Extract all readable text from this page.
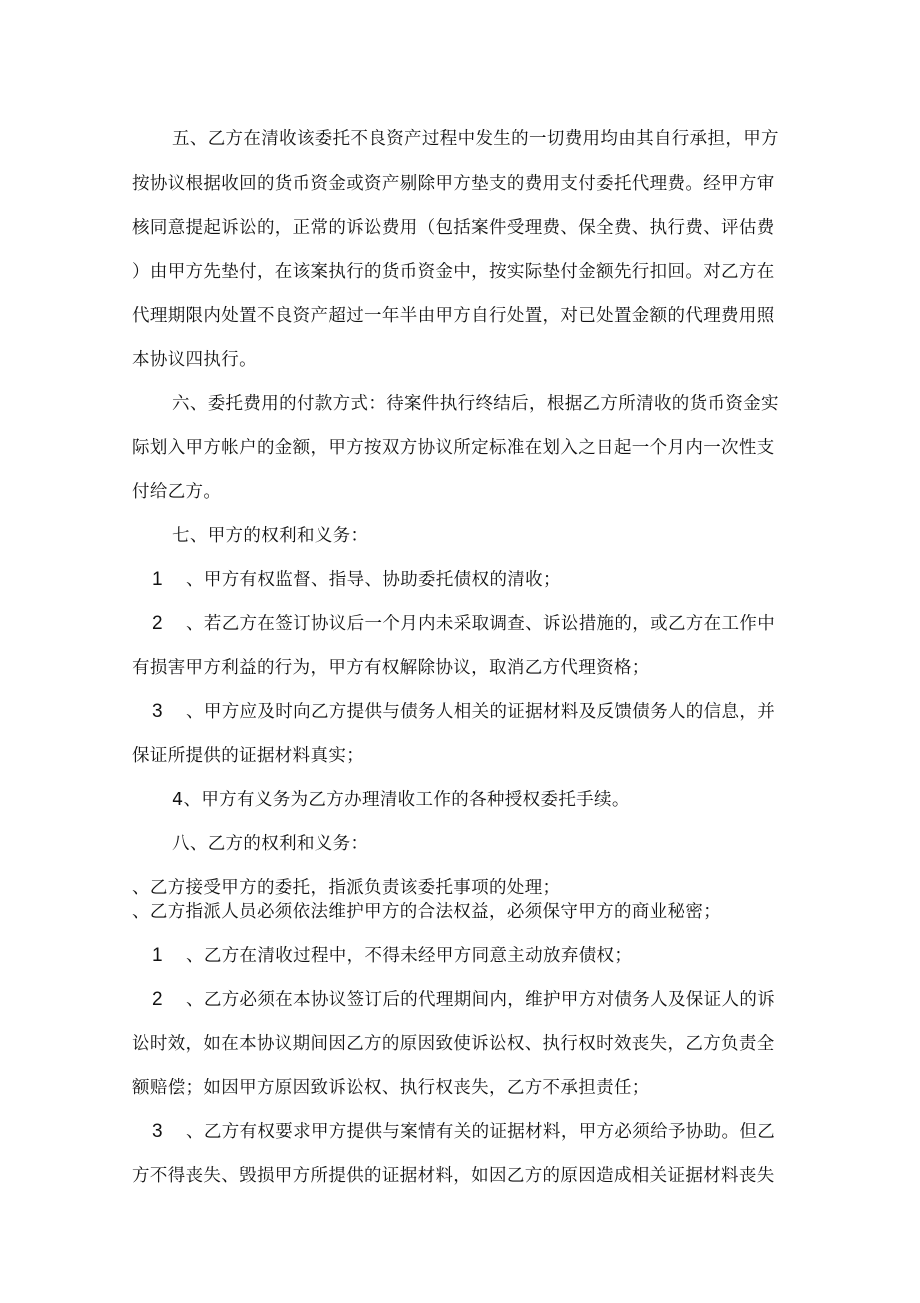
五、乙方在清收该委托不良资产过程中发生的一切费用均由其自行承担，甲方
按协议根据收回的货币资金或资产剔除甲方垫支的费用支付委托代理费。经甲方审
核同意提起诉讼的，正常的诉讼费用（包括案件受理费、保全费、执行费、评估费
）由甲方先垫付，在该案执行的货币资金中，按实际垫付金额先行扣回。对乙方在
代理期限内处置不良资产超过一年半由甲方自行处置，对已处置金额的代理费用照
本协议四执行。
六、委托费用的付款方式：待案件执行终结后，根据乙方所清收的货币资金实
际划入甲方帐户的金额，甲方按双方协议所定标准在划入之日起一个月内一次性支
付给乙方。
七、甲方的权利和义务：
1 、甲方有权监督、指导、协助委托债权的清收；
2 、若乙方在签订协议后一个月内未采取调查、诉讼措施的，或乙方在工作中
有损害甲方利益的行为，甲方有权解除协议，取消乙方代理资格；
3 、甲方应及时向乙方提供与债务人相关的证据材料及反馈债务人的信息，并
保证所提供的证据材料真实；
4、甲方有义务为乙方办理清收工作的各种授权委托手续。
八、乙方的权利和义务：
、乙方接受甲方的委托，指派负责该委托事项的处理；
、乙方指派人员必须依法维护甲方的合法权益，必须保守甲方的商业秘密；
1 、乙方在清收过程中，不得未经甲方同意主动放弃债权；
2 、乙方必须在本协议签订后的代理期间内，维护甲方对债务人及保证人的诉
讼时效，如在本协议期间因乙方的原因致使诉讼权、执行权时效丧失，乙方负责全
额赔偿；如因甲方原因致诉讼权、执行权丧失，乙方不承担责任；
3 、乙方有权要求甲方提供与案情有关的证据材料，甲方必须给予协助。但乙
方不得丧失、毁损甲方所提供的证据材料，如因乙方的原因造成相关证据材料丧失
